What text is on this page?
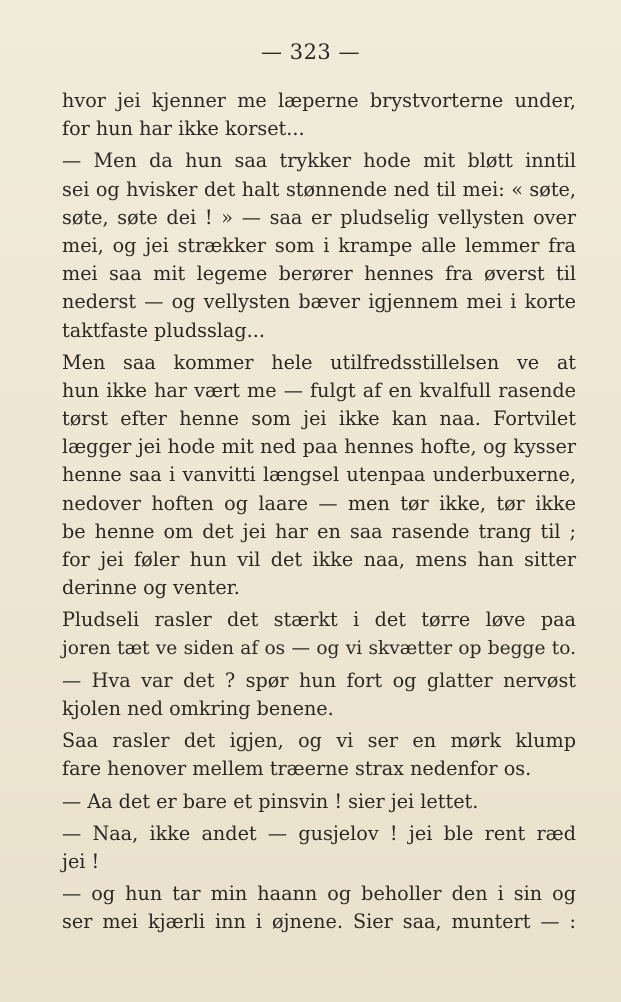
— 323 —
hvor jei kjenner me læperne brystvorterne under,
for hun har ikke korset...
— Men da hun saa trykker hode mit bløtt inntil
sei og hvisker det halt stønnende ned til mei: « søte,
søte, søte dei ! » — saa er pludselig vellysten over
mei, og jei strækker som i krampe alle lemmer fra
mei saa mit legeme berører hennes fra øverst til
nederst — og vellysten bæver igjennem mei i korte
taktfaste pludsslag...
Men saa kommer hele utilfredsstillelsen ve at
hun ikke har vært me — fulgt af en kvalfull rasende
tørst efter henne som jei ikke kan naa. Fortvilet
lægger jei hode mit ned paa hennes hofte, og kysser
henne saa i vanvitti længsel utenpaa underbuxerne,
nedover hoften og laare — men tør ikke, tør ikke
be henne om det jei har en saa rasende trang til ;
for jei føler hun vil det ikke naa, mens han sitter
derinne og venter.
Pludseli rasler det stærkt i det tørre løve paa
joren tæt ve siden af os — og vi skvætter op begge to.
— Hva var det ? spør hun fort og glatter nervøst
kjolen ned omkring benene.
Saa rasler det igjen, og vi ser en mørk klump
fare henover mellem træerne strax nedenfor os.
— Aa det er bare et pinsvin ! sier jei lettet.
— Naa, ikke andet — gusjelov ! jei ble rent ræd
jei !
— og hun tar min haann og beholler den i sin og
ser mei kjærli inn i øjnene. Sier saa, muntert — :
